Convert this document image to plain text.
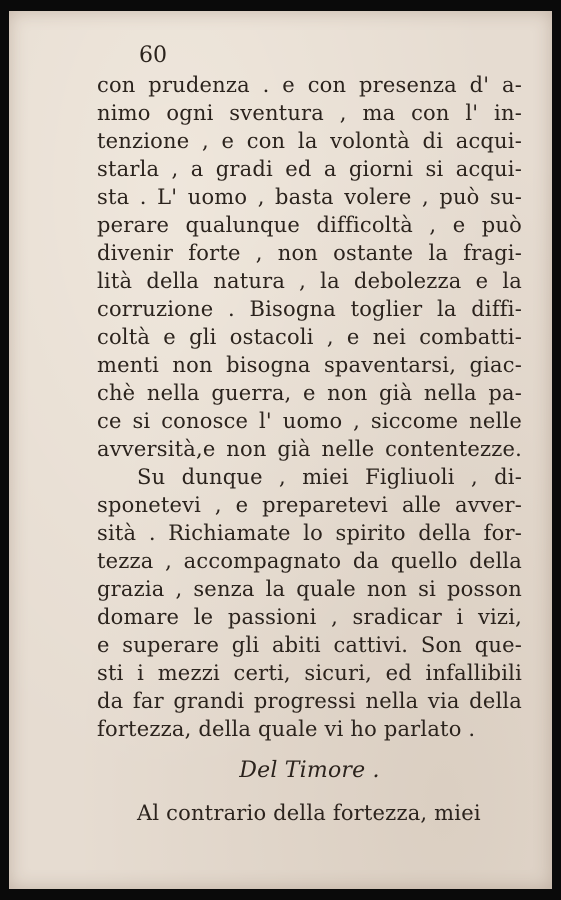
60
con prudenza . e con presenza d' a-
nimo ogni sventura , ma con l' in-
tenzione , e con la volontà di acqui-
starla , a gradi ed a giorni si acqui-
sta . L' uomo , basta volere , può su-
perare qualunque difficoltà , e può
divenir forte , non ostante la fragi-
lità della natura , la debolezza e la
corruzione . Bisogna toglier la diffi-
coltà e gli ostacoli , e nei combatti-
menti non bisogna spaventarsi, giac-
chè nella guerra, e non già nella pa-
ce si conosce l' uomo , siccome nelle
avversità,e non già nelle contentezze.
Su dunque , miei Figliuoli , di-
sponetevi , e preparetevi alle avver-
sità . Richiamate lo spirito della for-
tezza , accompagnato da quello della
grazia , senza la quale non si posson
domare le passioni , sradicar i vizi,
e superare gli abiti cattivi. Son que-
sti i mezzi certi, sicuri, ed infallibili
da far grandi progressi nella via della
fortezza, della quale vi ho parlato .
Del Timore .
Al contrario della fortezza, miei
